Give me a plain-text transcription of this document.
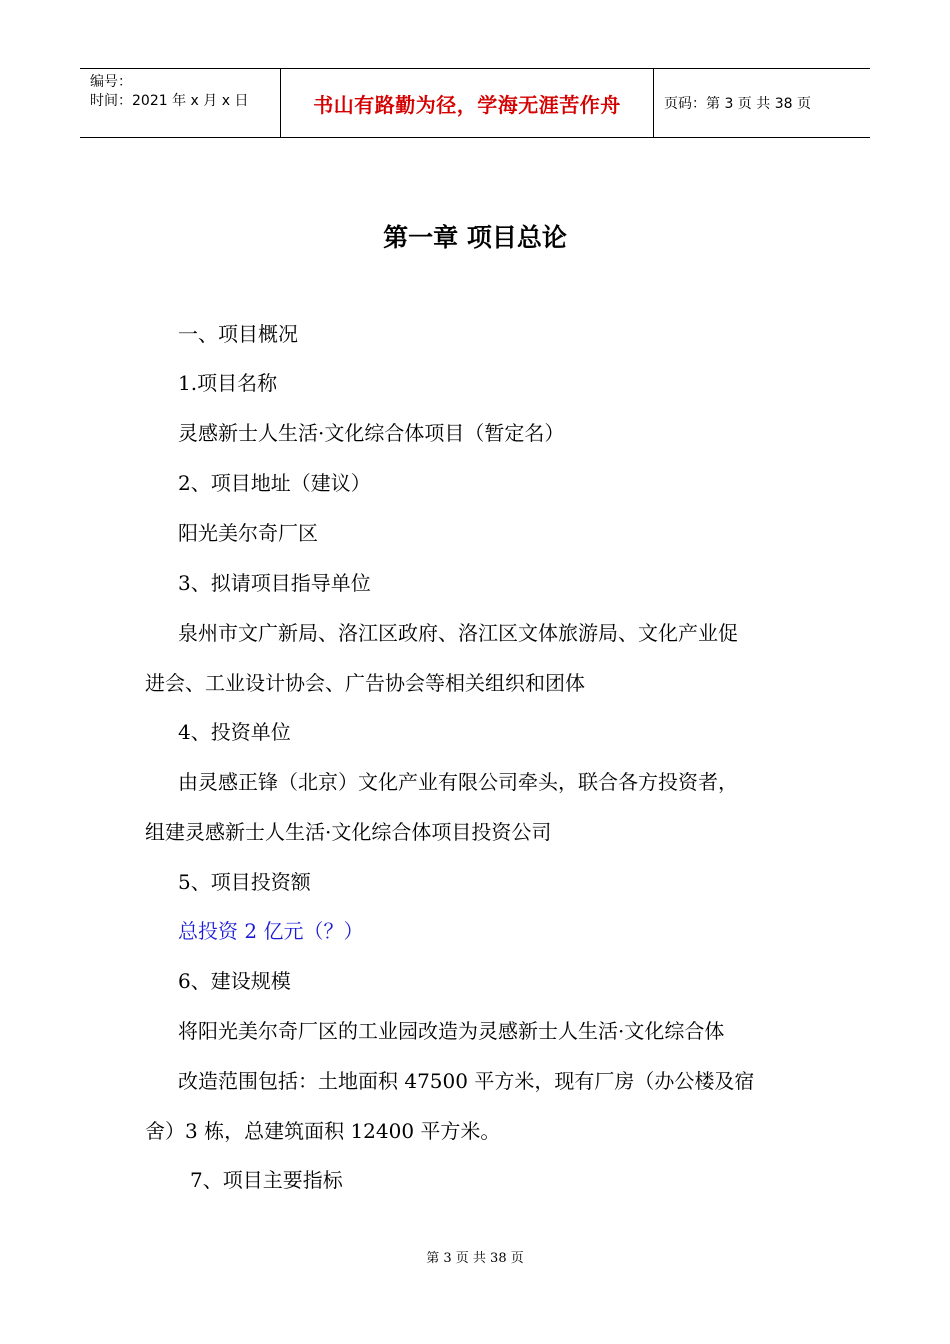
编号：
时间：2021 年 x 月 x 日	书山有路勤为径，学海无涯苦作舟	页码：第 3 页 共 38 页
第一章 项目总论
一、项目概况
1.项目名称
灵感新士人生活·文化综合体项目（暂定名）
2、项目地址（建议）
阳光美尔奇厂区
3、拟请项目指导单位
泉州市文广新局、洛江区政府、洛江区文体旅游局、文化产业促
进会、工业设计协会、广告协会等相关组织和团体
4、投资单位
由灵感正锋（北京）文化产业有限公司牵头，联合各方投资者，
组建灵感新士人生活·文化综合体项目投资公司
5、项目投资额
总投资 2 亿元（？）
6、建设规模
将阳光美尔奇厂区的工业园改造为灵感新士人生活·文化综合体
改造范围包括：土地面积 47500 平方米，现有厂房（办公楼及宿
舍）3 栋，总建筑面积 12400 平方米。
7、项目主要指标
第 3 页 共 38 页
